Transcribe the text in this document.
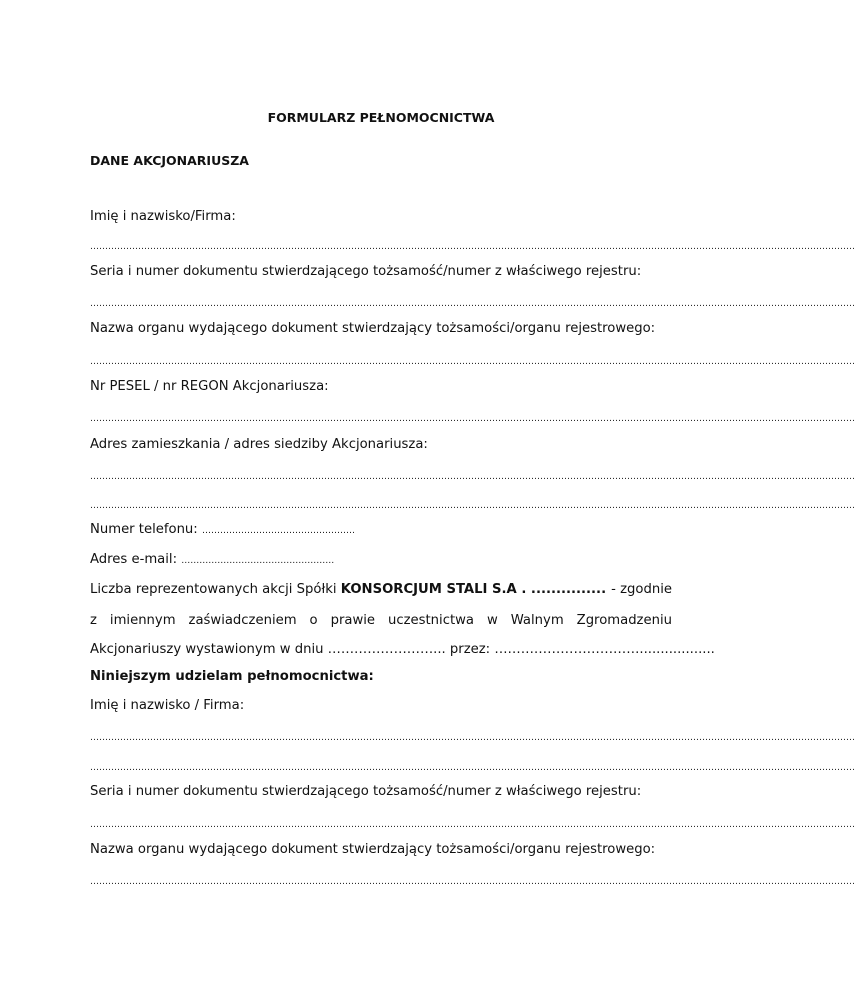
FORMULARZ PEŁNOMOCNICTWA
DANE AKCJONARIUSZA
Imię i nazwisko/Firma:
…………………………………………………………………………………………………………………………………………………………………………………………………………………………………
Seria i numer dokumentu stwierdzającego tożsamość/numer z właściwego rejestru:
…………………………………………………………………………………………………………………………………………………………………………………………………………………………………
Nazwa organu wydającego dokument stwierdzający tożsamości/organu rejestrowego:
…………………………………………………………………………………………………………………………………………………………………………………………………………………………………
Nr PESEL / nr REGON Akcjonariusza:
…………………………………………………………………………………………………………………………………………………………………………………………………………………………………
Adres zamieszkania / adres siedziby Akcjonariusza:
…………………………………………………………………………………………………………………………………………………………………………………………………………………………………
…………………………………………………………………………………………………………………………………………………………………………………………………………………………………
Numer telefonu: ……………………………………………
Adres e-mail: ……………………………………………
Liczba reprezentowanych akcji Spółki KONSORCJUM STALI S.A . ............... - zgodnie
z imiennym zaświadczeniem o prawie uczestnictwa w Walnym Zgromadzeniu
Akcjonariuszy wystawionym w dniu ……………………... przez: ……………………………..................
Niniejszym udzielam pełnomocnictwa:
Imię i nazwisko / Firma:
…………………………………………………………………………………………………………………………………………………………………………………………………………………………………
…………………………………………………………………………………………………………………………………………………………………………………………………………………………………
Seria i numer dokumentu stwierdzającego tożsamość/numer z właściwego rejestru:
…………………………………………………………………………………………………………………………………………………………………………………………………………………………………
Nazwa organu wydającego dokument stwierdzający tożsamości/organu rejestrowego:
…………………………………………………………………………………………………………………………………………………………………………………………………………………………………
